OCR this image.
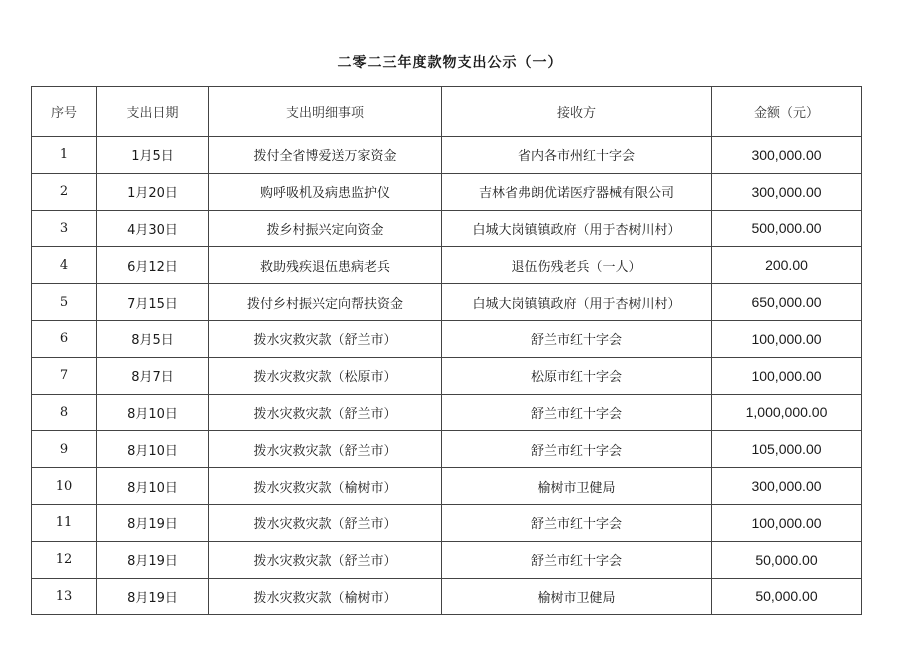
二零二三年度款物支出公示（一）
序号	支出日期	支出明细事项	接收方	金额（元）
1	1月5日	拨付全省博爱送万家资金	省内各市州红十字会	300,000.00
2	1月20日	购呼吸机及病患监护仪	吉林省弗朗优诺医疗器械有限公司	300,000.00
3	4月30日	拨乡村振兴定向资金	白城大岗镇镇政府（用于杏树川村）	500,000.00
4	6月12日	救助残疾退伍患病老兵	退伍伤残老兵（一人）	200.00
5	7月15日	拨付乡村振兴定向帮扶资金	白城大岗镇镇政府（用于杏树川村）	650,000.00
6	8月5日	拨水灾救灾款（舒兰市）	舒兰市红十字会	100,000.00
7	8月7日	拨水灾救灾款（松原市）	松原市红十字会	100,000.00
8	8月10日	拨水灾救灾款（舒兰市）	舒兰市红十字会	1,000,000.00
9	8月10日	拨水灾救灾款（舒兰市）	舒兰市红十字会	105,000.00
10	8月10日	拨水灾救灾款（榆树市）	榆树市卫健局	300,000.00
11	8月19日	拨水灾救灾款（舒兰市）	舒兰市红十字会	100,000.00
12	8月19日	拨水灾救灾款（舒兰市）	舒兰市红十字会	50,000.00
13	8月19日	拨水灾救灾款（榆树市）	榆树市卫健局	50,000.00
